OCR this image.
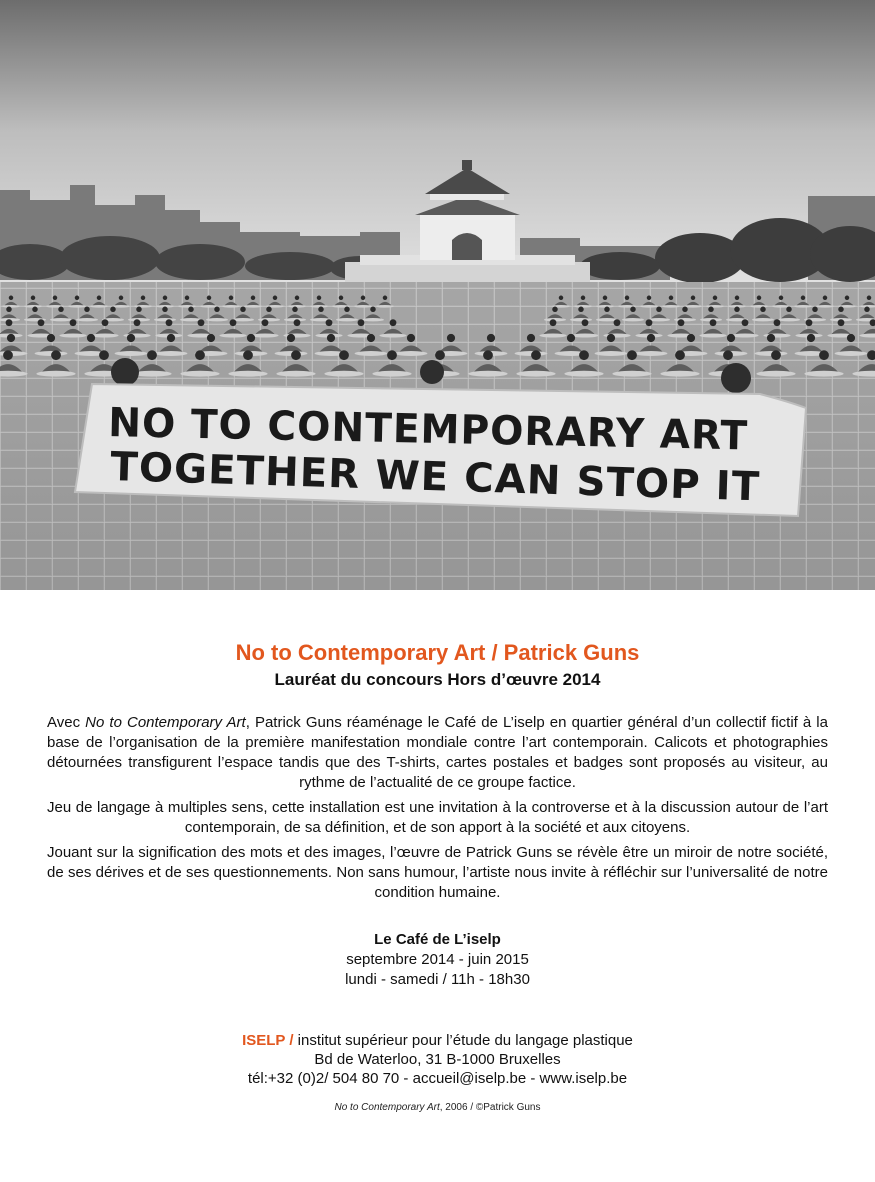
NO TO CONTEMPORARY ART
TOGETHER WE CAN STOP IT
No to Contemporary Art / Patrick Guns
Lauréat du concours Hors d’œuvre 2014

Avec No to Contemporary Art, Patrick Guns réaménage le Café de L’iselp en quartier général d’un collectif fictif à la base de l’organisation de la première manifestation mondiale contre l’art contemporain. Calicots et photographies détournées transfigurent l’espace tandis que des T-shirts, cartes postales et badges sont proposés au visiteur, au rythme de l’actualité de ce groupe factice.

Jeu de langage à multiples sens, cette installation est une invitation à la controverse et à la discussion autour de l’art contemporain, de sa définition, et de son apport à la société et aux citoyens.

Jouant sur la signification des mots et des images, l’œuvre de Patrick Guns se révèle être un miroir de notre société, de ses dérives et de ses questionnements. Non sans humour, l’artiste nous invite à réfléchir sur l’universalité de notre condition humaine.

Le Café de L’iselp
septembre 2014 - juin 2015
lundi - samedi / 11h - 18h30
ISELP / institut supérieur pour l’étude du langage plastique
Bd de Waterloo, 31 B-1000 Bruxelles
tél:+32 (0)2/ 504 80 70 - accueil@iselp.be - www.iselp.be
No to Contemporary Art, 2006 / ©Patrick Guns
